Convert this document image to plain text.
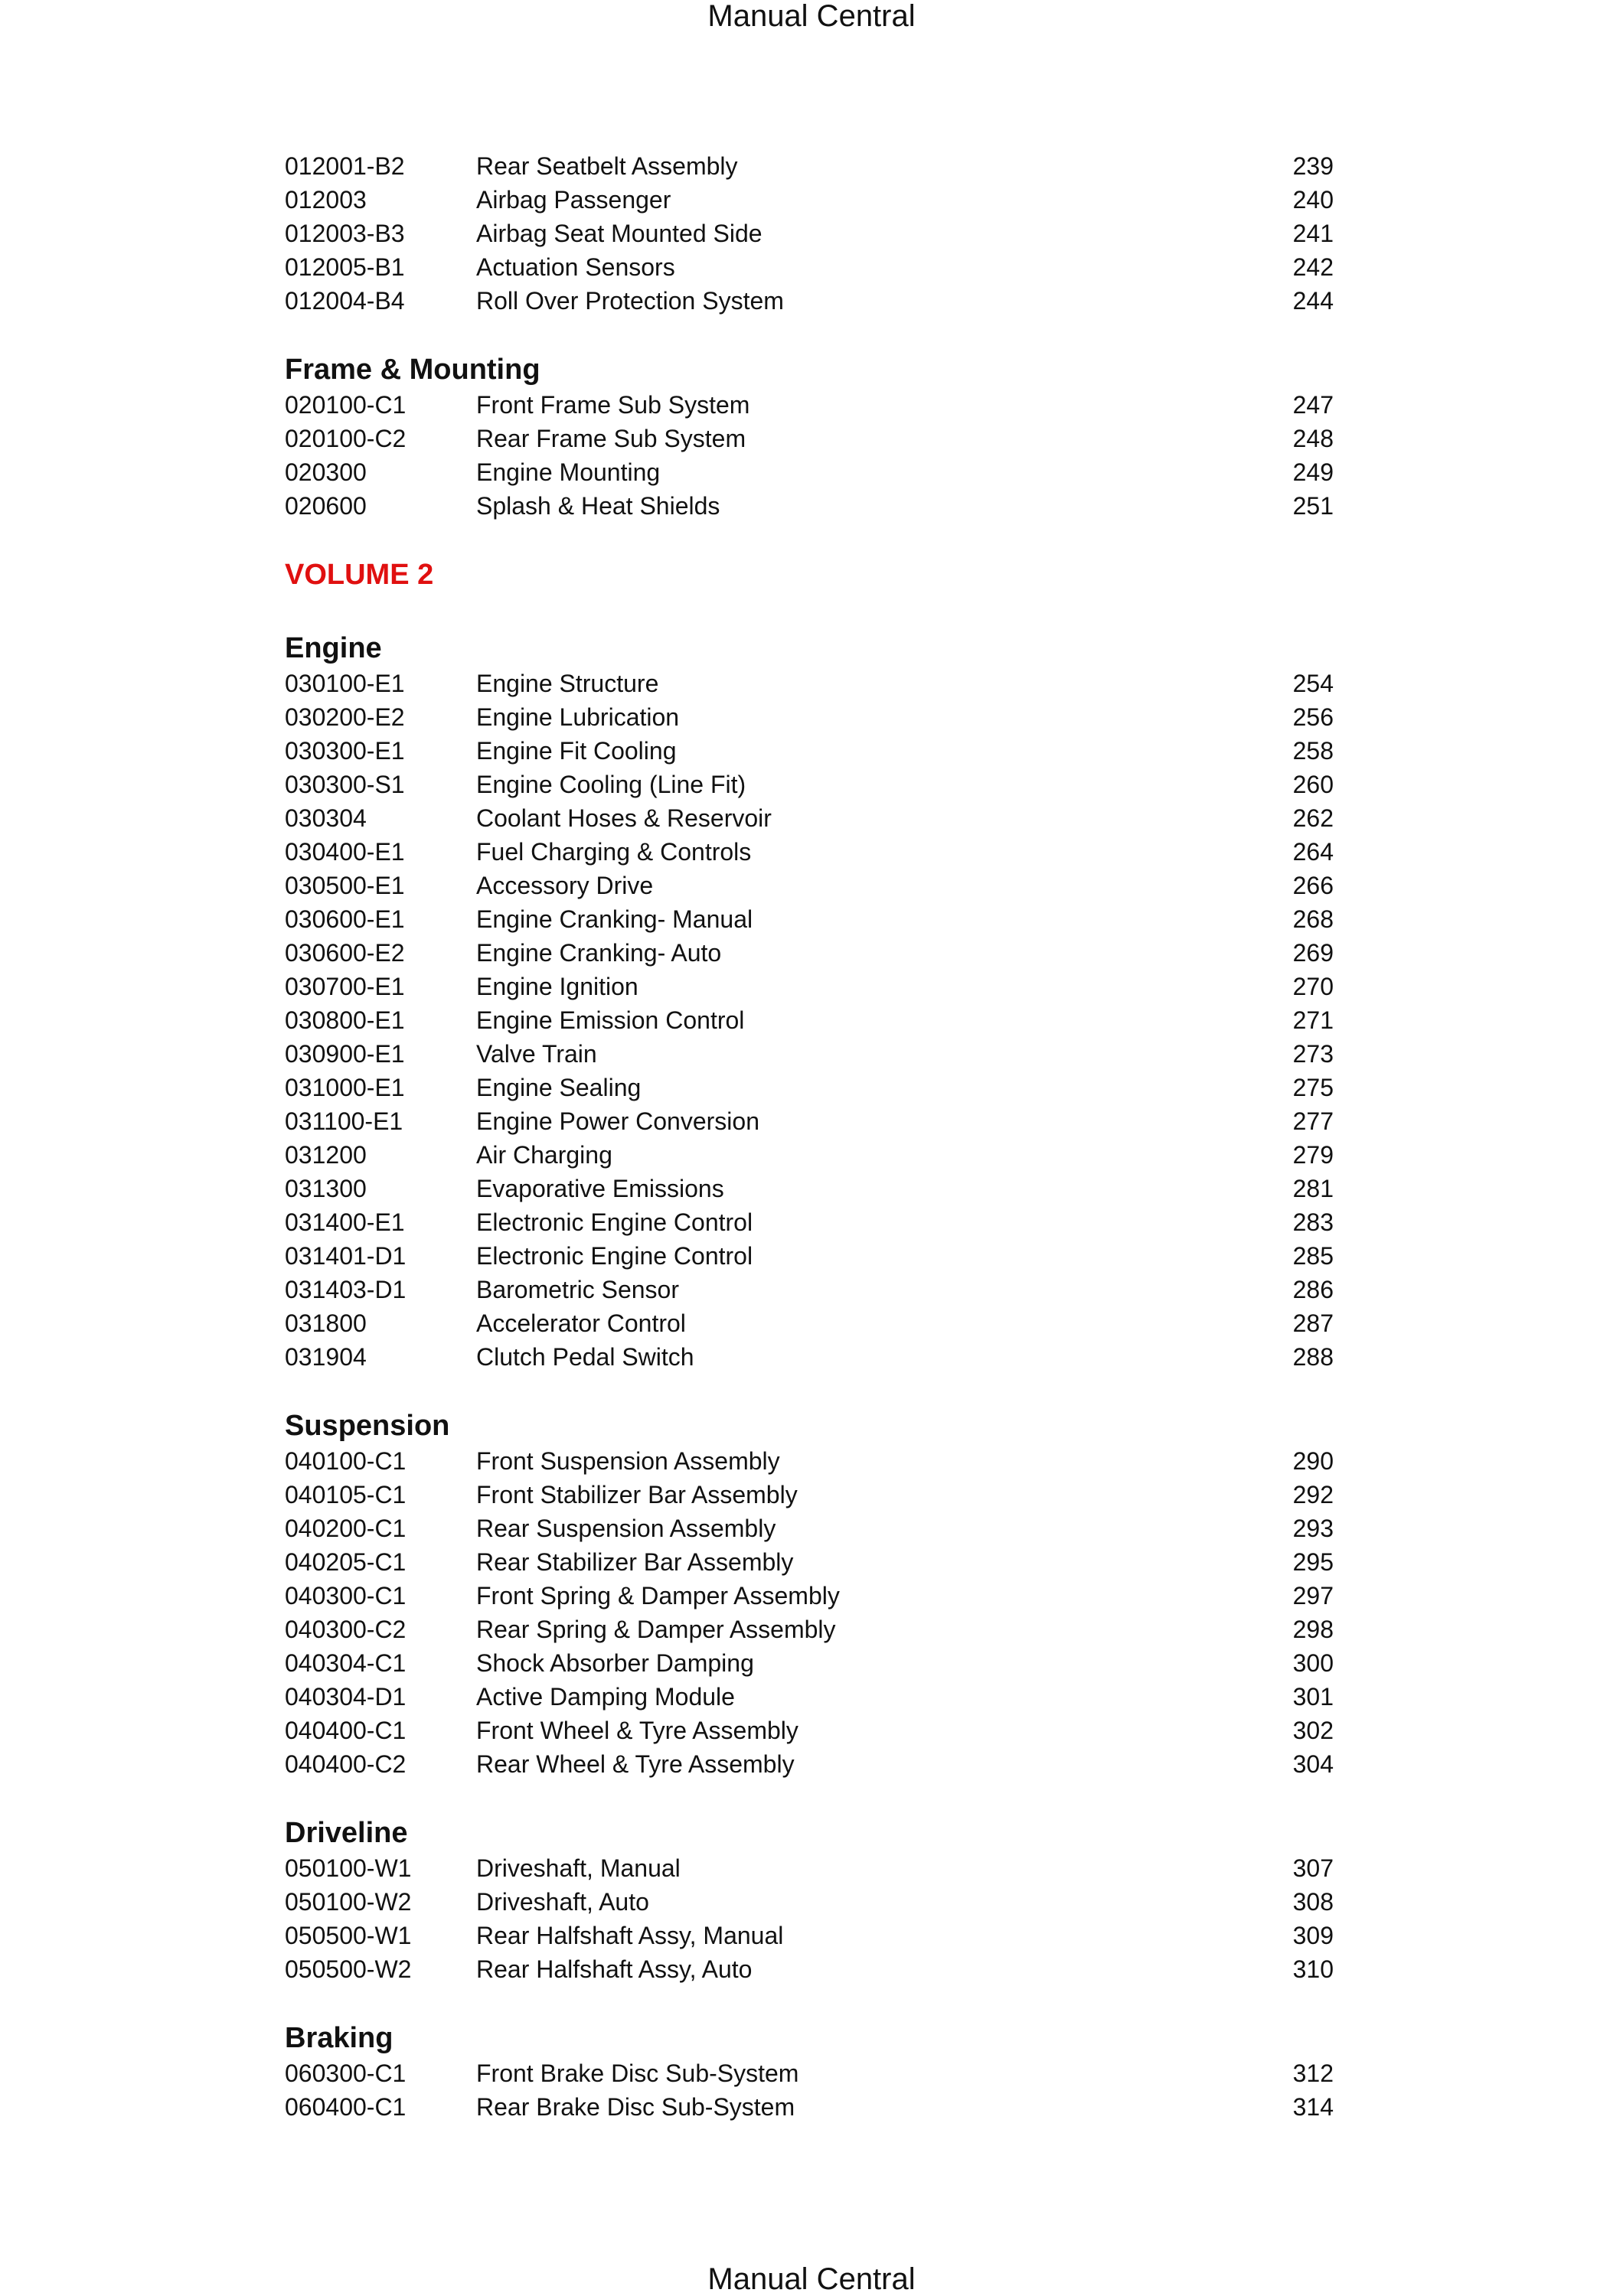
Manual Central
012001-B2	Rear Seatbelt Assembly	239
012003	Airbag Passenger	240
012003-B3	Airbag Seat Mounted Side	241
012005-B1	Actuation Sensors	242
012004-B4	Roll Over Protection System	244
Frame & Mounting
020100-C1	Front Frame Sub System	247
020100-C2	Rear Frame Sub System	248
020300	Engine Mounting	249
020600	Splash & Heat Shields	251
VOLUME 2
Engine
030100-E1	Engine Structure	254
030200-E2	Engine Lubrication	256
030300-E1	Engine Fit Cooling	258
030300-S1	Engine Cooling (Line Fit)	260
030304	Coolant Hoses & Reservoir	262
030400-E1	Fuel Charging & Controls	264
030500-E1	Accessory Drive	266
030600-E1	Engine Cranking- Manual	268
030600-E2	Engine Cranking- Auto	269
030700-E1	Engine Ignition	270
030800-E1	Engine Emission Control	271
030900-E1	Valve Train	273
031000-E1	Engine Sealing	275
031100-E1	Engine Power Conversion	277
031200	Air Charging	279
031300	Evaporative Emissions	281
031400-E1	Electronic Engine Control	283
031401-D1	Electronic Engine Control	285
031403-D1	Barometric Sensor	286
031800	Accelerator Control	287
031904	Clutch Pedal Switch	288
Suspension
040100-C1	Front Suspension Assembly	290
040105-C1	Front Stabilizer Bar Assembly	292
040200-C1	Rear Suspension Assembly	293
040205-C1	Rear Stabilizer Bar Assembly	295
040300-C1	Front Spring & Damper Assembly	297
040300-C2	Rear Spring & Damper Assembly	298
040304-C1	Shock Absorber Damping	300
040304-D1	Active Damping Module	301
040400-C1	Front Wheel & Tyre Assembly	302
040400-C2	Rear Wheel & Tyre Assembly	304
Driveline
050100-W1	Driveshaft, Manual	307
050100-W2	Driveshaft, Auto	308
050500-W1	Rear Halfshaft Assy, Manual	309
050500-W2	Rear Halfshaft Assy, Auto	310
Braking
060300-C1	Front Brake Disc Sub-System	312
060400-C1	Rear Brake Disc Sub-System	314
Manual Central
